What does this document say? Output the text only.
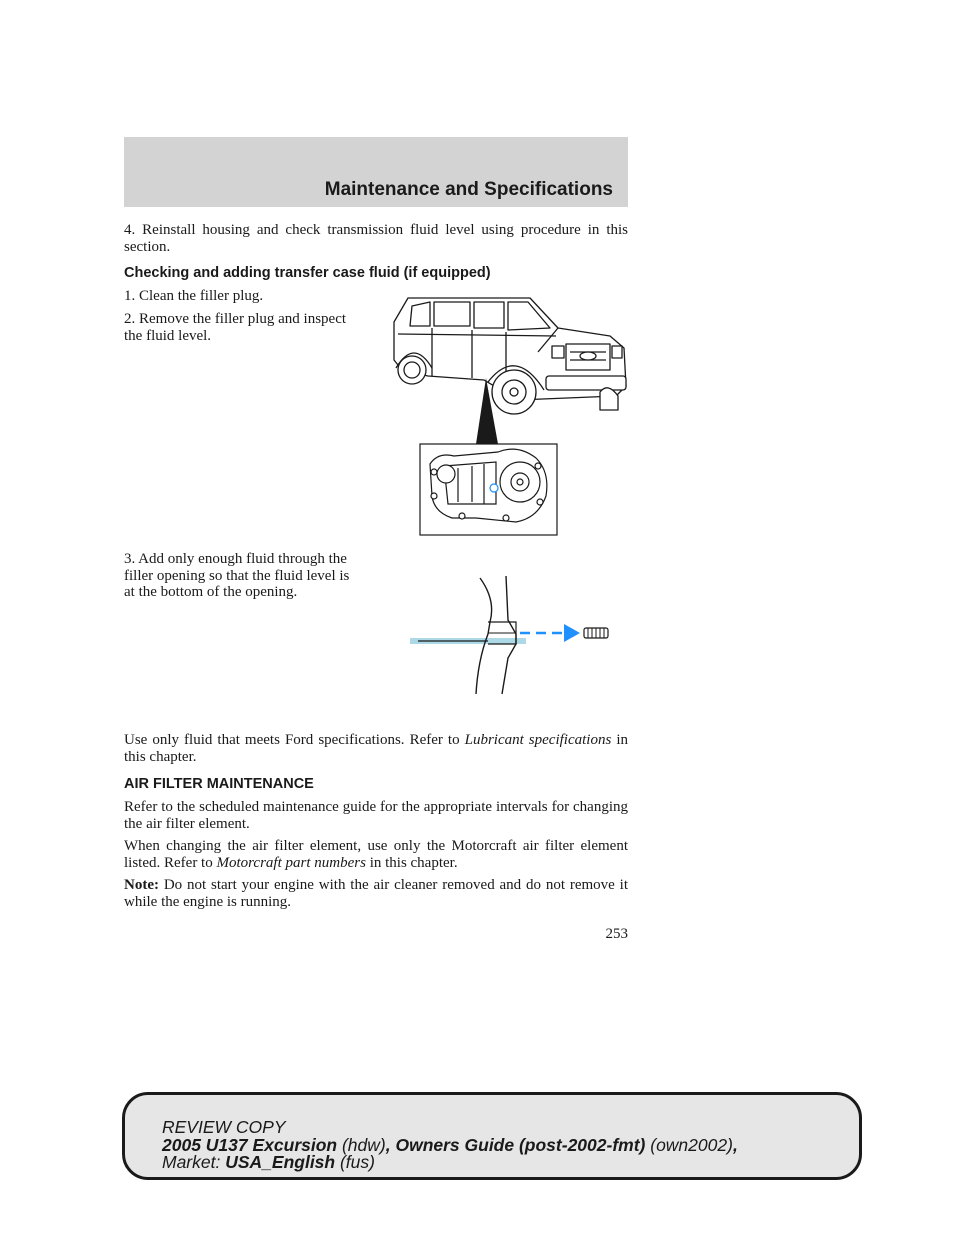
Maintenance and Specifications

4. Reinstall housing and check transmission fluid level using procedure in this section.

Checking and adding transfer case fluid (if equipped)

1. Clean the filler plug.

2. Remove the filler plug and inspect the fluid level.

3. Add only enough fluid through the filler opening so that the fluid level is at the bottom of the opening.

Use only fluid that meets Ford specifications. Refer to Lubricant specifications in this chapter.

AIR FILTER MAINTENANCE

Refer to the scheduled maintenance guide for the appropriate intervals for changing the air filter element.

When changing the air filter element, use only the Motorcraft air filter element listed. Refer to Motorcraft part numbers in this chapter.

Note: Do not start your engine with the air cleaner removed and do not remove it while the engine is running.

253
REVIEW COPY
2005 U137 Excursion (hdw), Owners Guide (post-2002-fmt) (own2002),
Market: USA_English (fus)
